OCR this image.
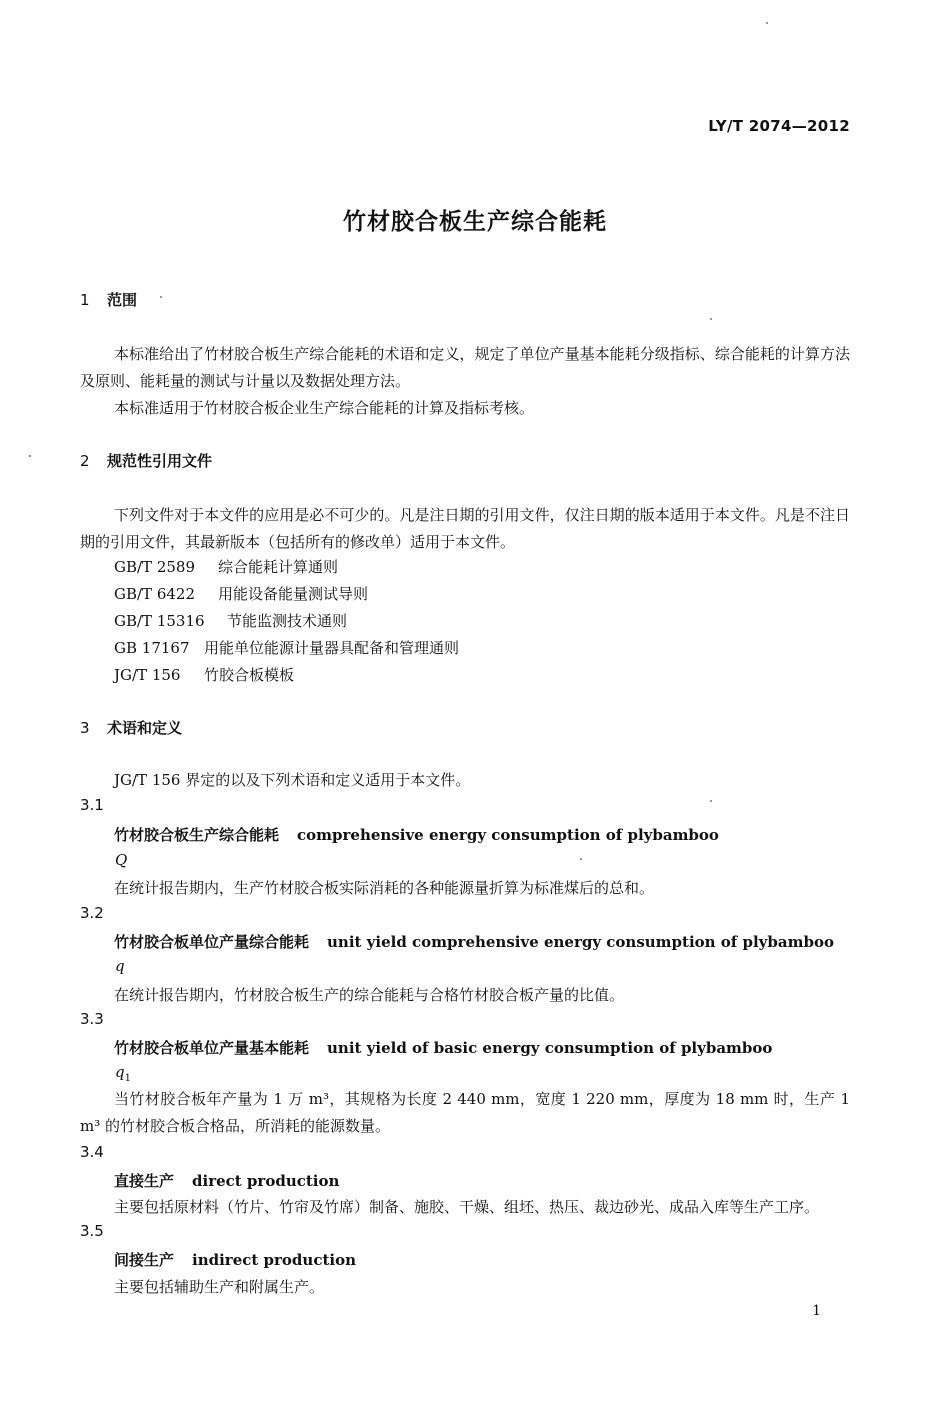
LY/T 2074—2012
竹材胶合板生产综合能耗
1 范围
本标准给出了竹材胶合板生产综合能耗的术语和定义，规定了单位产量基本能耗分级指标、综合能耗的计算方法及原则、能耗量的测试与计量以及数据处理方法。
本标准适用于竹材胶合板企业生产综合能耗的计算及指标考核。
2 规范性引用文件
下列文件对于本文件的应用是必不可少的。凡是注日期的引用文件，仅注日期的版本适用于本文件。凡是不注日期的引用文件，其最新版本（包括所有的修改单）适用于本文件。
GB/T 2589 综合能耗计算通则
GB/T 6422 用能设备能量测试导则
GB/T 15316 节能监测技术通则
GB 17167 用能单位能源计量器具配备和管理通则
JG/T 156 竹胶合板模板
3 术语和定义
JG/T 156 界定的以及下列术语和定义适用于本文件。
3.1
竹材胶合板生产综合能耗 comprehensive energy consumption of plybamboo
Q
在统计报告期内，生产竹材胶合板实际消耗的各种能源量折算为标准煤后的总和。
3.2
竹材胶合板单位产量综合能耗 unit yield comprehensive energy consumption of plybamboo
q
在统计报告期内，竹材胶合板生产的综合能耗与合格竹材胶合板产量的比值。
3.3
竹材胶合板单位产量基本能耗 unit yield of basic energy consumption of plybamboo
$q_1$
当竹材胶合板年产量为 1 万 m³，其规格为长度 2 440 mm，宽度 1 220 mm，厚度为 18 mm 时，生产 1 m³ 的竹材胶合板合格品，所消耗的能源数量。
3.4
直接生产 direct production
主要包括原材料（竹片、竹帘及竹席）制备、施胶、干燥、组坯、热压、裁边砂光、成品入库等生产工序。
3.5
间接生产 indirect production
主要包括辅助生产和附属生产。
1
